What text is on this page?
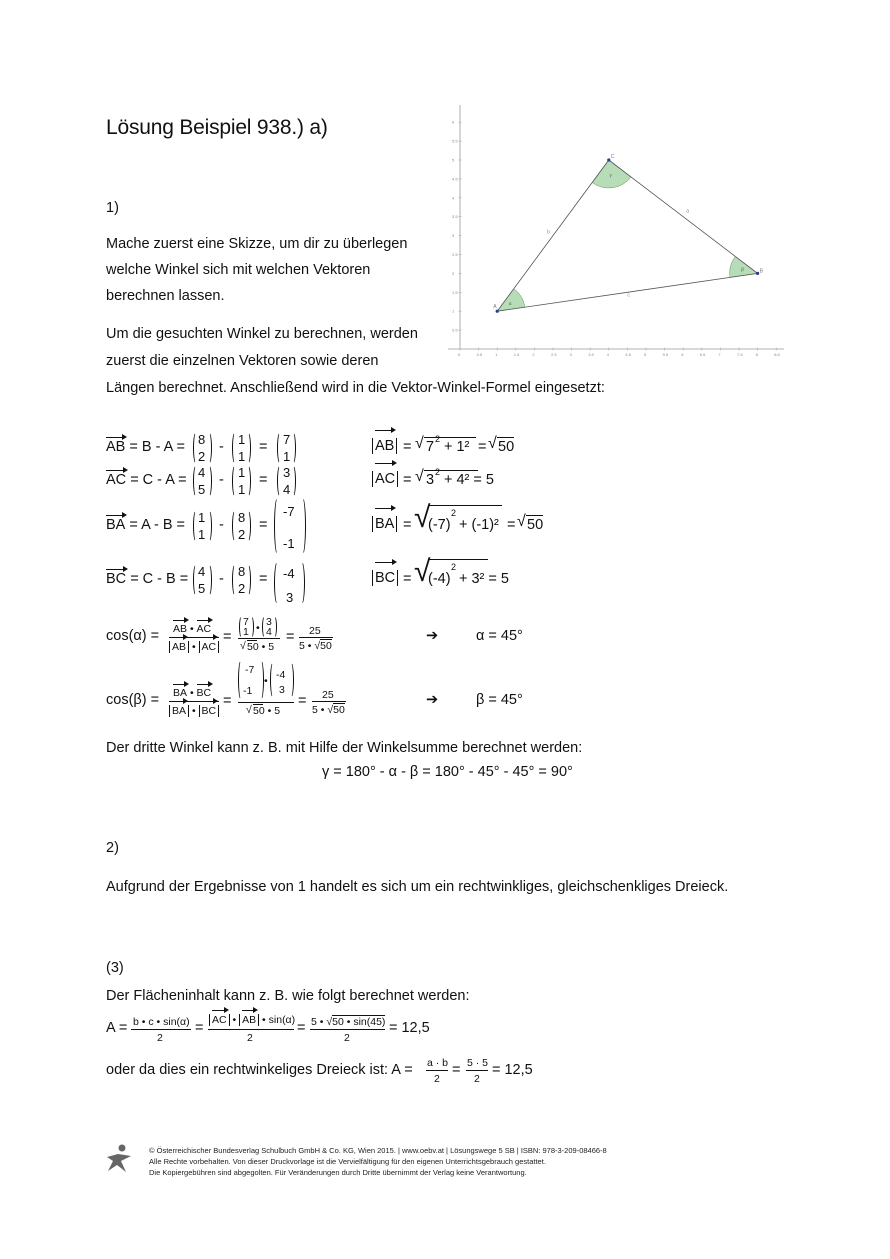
Lösung Beispiel 938.) a)
0	0.5	1	1.5	2	2.5	3	3.5	4	4.5	5	5.5	6	6.5	7	7.5	8	8.5
0.5
1
1.5
2
2.5
3
3.5
4
4.5
5
5.5
6
A
B
C
b
a
c
α
β
γ
1)
Mache zuerst eine Skizze, um dir zu überlegen
welche Winkel sich mit welchen Vektoren
berechnen lassen.
Um die gesuchten Winkel zu berechnen, werden
zuerst die einzelnen Vektoren sowie deren
Längen berechnet. Anschließend wird in die Vektor-Winkel-Formel eingesetzt:
AB = B - A = 8
2
- 1
1
= 7
1
AB = √ 7 2 + 1² = √ 50
AC = C - A = 4
5
- 1
1
= 3
4
AC = √ 3 2 + 4² = 5
BA = A - B = 1
1
- 8
2
=
-7
-1
BA = √
(-7)
2
+ (-1)² = √ 50
BC = C - B = 4
5
- 8
2
= -4
3
BC = √
(-4)
2
+ 3² = 5
cos(α) = AB • AC
AB • AC
=
7
1 • 3
4
√ 50 • 5
= 25
5 • √50
➔	α = 45°
cos(β) = BA • BC
BA • BC
=
-7
-1
• -4
3
√ 50 • 5
= 25
5 • √50
➔	β = 45°
Der dritte Winkel kann z. B. mit Hilfe der Winkelsumme berechnet werden:
γ = 180° - α - β = 180° - 45° - 45° = 90°
2)
Aufgrund der Ergebnisse von 1 handelt es sich um ein rechtwinkliges, gleichschenkliges Dreieck.
(3)
Der Flächeninhalt kann z. B. wie folgt berechnet werden:
A = b • c • sin(α)
2
= AC • AB • sin(α)
2
= 5 • √50 • sin(45)
2
= 12,5
oder da dies ein rechtwinkeliges Dreieck ist: A = a · b
2
= 5 · 5
2
= 12,5
© Österreichischer Bundesverlag Schulbuch GmbH & Co. KG, Wien 2015. | www.oebv.at | Lösungswege 5 SB | ISBN: 978-3-209-08466-8
Alle Rechte vorbehalten. Von dieser Druckvorlage ist die Vervielfältigung für den eigenen Unterrichtsgebrauch gestattet.
Die Kopiergebühren sind abgegolten. Für Veränderungen durch Dritte übernimmt der Verlag keine Verantwortung.
